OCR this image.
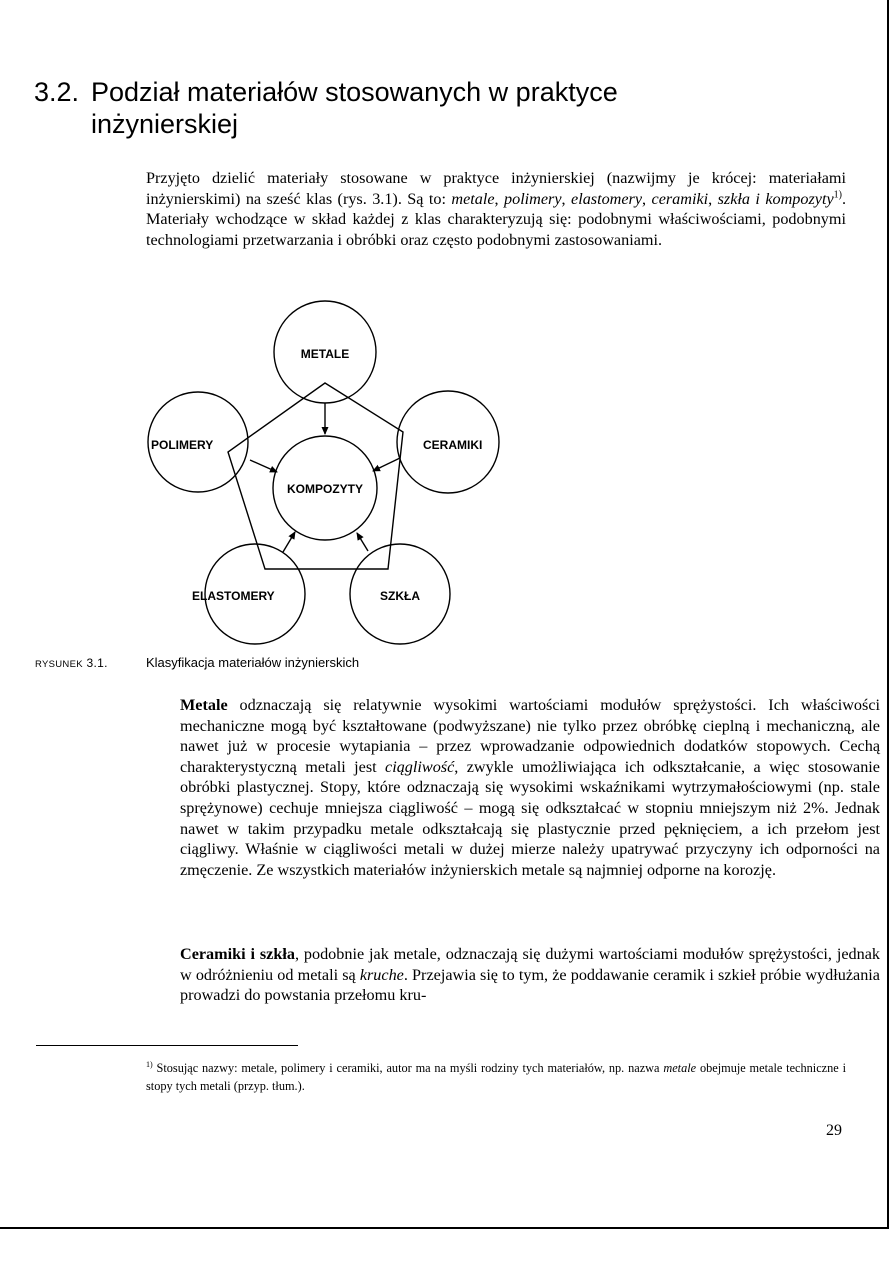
3.2. Podział materiałów stosowanych w praktyce
inżynierskiej

Przyjęto dzielić materiały stosowane w praktyce inżynierskiej (nazwijmy je krócej: materiałami inżynierskimi) na sześć klas (rys. 3.1). Są to: metale, polimery, elastomery, ceramiki, szkła i kompozyty$^{1)}$. Materiały wchodzące w skład każdej z klas charakteryzują się: podobnymi właściwościami, podobnymi technologiami przetwarzania i obróbki oraz często podobnymi zastosowaniami.

METALE
POLIMERY	CERAMIKI
KOMPOZYTY
ELASTOMERY	SZKŁA
RYSUNEK 3.1.	Klasyfikacja materiałów inżynierskich

Metale odznaczają się relatywnie wysokimi wartościami modułów sprężystości. Ich właściwości mechaniczne mogą być kształtowane (podwyższane) nie tylko przez obróbkę cieplną i mechaniczną, ale nawet już w procesie wytapiania – przez wprowadzanie odpowiednich dodatków stopowych. Cechą charakterystyczną metali jest ciągliwość, zwykle umożliwiająca ich odkształcanie, a więc stosowanie obróbki plastycznej. Stopy, które odznaczają się wysokimi wskaźnikami wytrzymałościowymi (np. stale sprężynowe) cechuje mniejsza ciągliwość – mogą się odkształcać w stopniu mniejszym niż 2%. Jednak nawet w takim przypadku metale odkształcają się plastycznie przed pęknięciem, a ich przełom jest ciągliwy. Właśnie w ciągliwości metali w dużej mierze należy upatrywać przyczyny ich odporności na zmęczenie. Ze wszystkich materiałów inżynierskich metale są najmniej odporne na korozję.

Ceramiki i szkła, podobnie jak metale, odznaczają się dużymi wartościami modułów sprężystości, jednak w odróżnieniu od metali są kruche. Przejawia się to tym, że poddawanie ceramik i szkieł próbie wydłużania prowadzi do powstania przełomu kru-

$^{1)}$ Stosując nazwy: metale, polimery i ceramiki, autor ma na myśli rodziny tych materiałów, np. nazwa metale obejmuje metale techniczne i stopy tych metali (przyp. tłum.).

29
